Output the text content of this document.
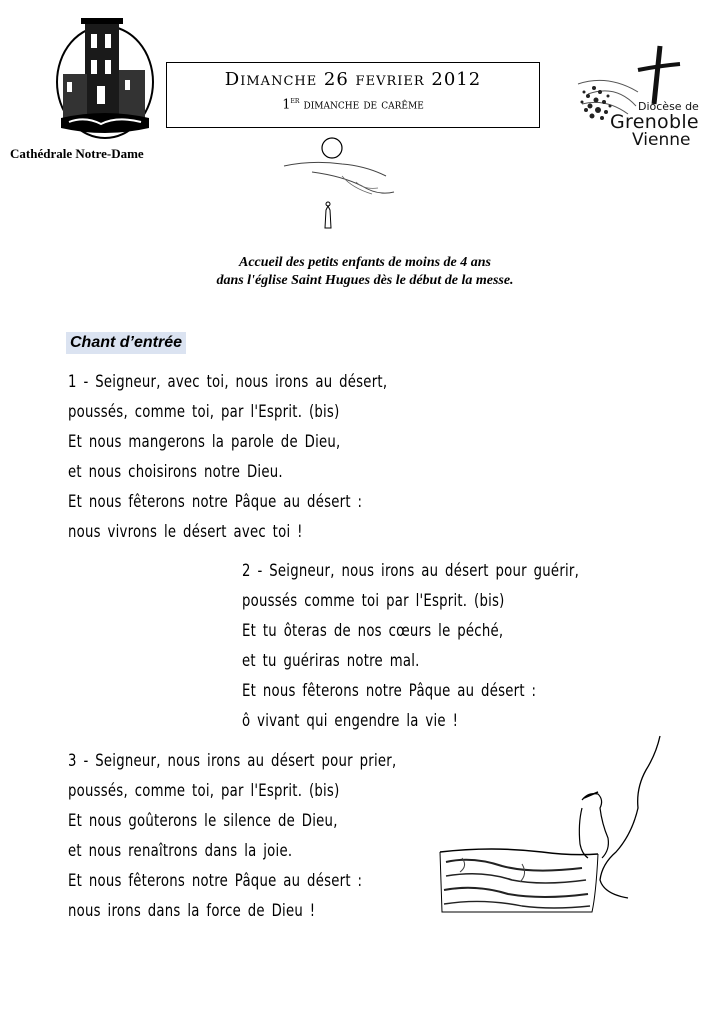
Cathédrale Notre-Dame
Dimanche 26 fevrier 2012
1er dimanche de carême	Diocèse de
Grenoble
Vienne
Accueil des petits enfants de moins de 4 ans
dans l'église Saint Hugues dès le début de la messe.
Chant d’entrée
1 - Seigneur, avec toi, nous irons au désert,
poussés, comme toi, par l'Esprit. (bis)
Et nous mangerons la parole de Dieu,
et nous choisirons notre Dieu.
Et nous fêterons notre Pâque au désert :
nous vivrons le désert avec toi !
2 - Seigneur, nous irons au désert pour guérir,
poussés comme toi par l'Esprit. (bis)
Et tu ôteras de nos cœurs le péché,
et tu guériras notre mal.
Et nous fêterons notre Pâque au désert :
ô vivant qui engendre la vie !
3 - Seigneur, nous irons au désert pour prier,
poussés, comme toi, par l'Esprit. (bis)
Et nous goûterons le silence de Dieu,
et nous renaîtrons dans la joie.
Et nous fêterons notre Pâque au désert :
nous irons dans la force de Dieu !
